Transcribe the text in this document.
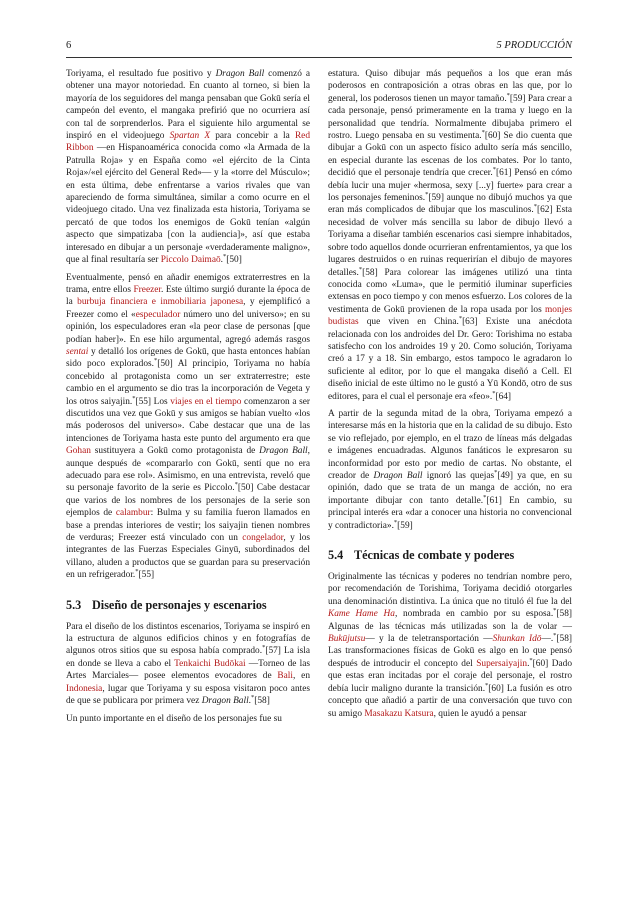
6	5 PRODUCCIÓN

Toriyama, el resultado fue positivo y Dragon Ball comenzó a obtener una mayor notoriedad. En cuanto al torneo, si bien la mayoría de los seguidores del manga pensaban que Gokū sería el campeón del evento, el mangaka prefirió que no ocurriera así con tal de sorprenderlos. Para el siguiente hilo argumental se inspiró en el videojuego Spartan X para concebir a la Red Ribbon —en Hispanoamérica conocida como «la Armada de la Patrulla Roja» y en España como «el ejército de la Cinta Roja»/«el ejército del General Red»— y la «torre del Músculo»; en esta última, debe enfrentarse a varios rivales que van apareciendo de forma simultánea, similar a como ocurre en el videojuego citado. Una vez finalizada esta historia, Toriyama se percató de que todos los enemigos de Gokū tenían «algún aspecto que simpatizaba [con la audiencia]», así que estaba interesado en dibujar a un personaje «verdaderamente maligno», que al final resultaría ser Piccolo Daimaō.*[50]

Eventualmente, pensó en añadir enemigos extraterrestres en la trama, entre ellos Freezer. Este último surgió durante la época de la burbuja financiera e inmobiliaria japonesa, y ejemplificó a Freezer como el «especulador número uno del universo»; en su opinión, los especuladores eran «la peor clase de personas [que podían haber]». En ese hilo argumental, agregó además rasgos sentai y detalló los orígenes de Gokū, que hasta entonces habían sido poco explorados.*[50] Al principio, Toriyama no había concebido al protagonista como un ser extraterrestre; este cambio en el argumento se dio tras la incorporación de Vegeta y los otros saiyajin.*[55] Los viajes en el tiempo comenzaron a ser discutidos una vez que Gokū y sus amigos se habían vuelto «los más poderosos del universo». Cabe destacar que una de las intenciones de Toriyama hasta este punto del argumento era que Gohan sustituyera a Gokū como protagonista de Dragon Ball, aunque después de «compararlo con Gokū, sentí que no era adecuado para ese rol». Asimismo, en una entrevista, reveló que su personaje favorito de la serie es Piccolo.*[50] Cabe destacar que varios de los nombres de los personajes de la serie son ejemplos de calambur: Bulma y su familia fueron llamados en base a prendas interiores de vestir; los saiyajin tienen nombres de verduras; Freezer está vinculado con un congelador, y los integrantes de las Fuerzas Especiales Ginyū, subordinados del villano, aluden a productos que se guardan para su preservación en un refrigerador.*[55]

5.3 Diseño de personajes y escenarios

Para el diseño de los distintos escenarios, Toriyama se inspiró en la estructura de algunos edificios chinos y en fotografías de algunos otros sitios que su esposa había comprado.*[57] La isla en donde se lleva a cabo el Tenkaichi Budōkai —Torneo de las Artes Marciales— posee elementos evocadores de Bali, en Indonesia, lugar que Toriyama y su esposa visitaron poco antes de que se publicara por primera vez Dragon Ball.*[58]

Un punto importante en el diseño de los personajes fue su

estatura. Quiso dibujar más pequeños a los que eran más poderosos en contraposición a otras obras en las que, por lo general, los poderosos tienen un mayor tamaño.*[59] Para crear a cada personaje, pensó primeramente en la trama y luego en la personalidad que tendría. Normalmente dibujaba primero el rostro. Luego pensaba en su vestimenta.*[60] Se dio cuenta que dibujar a Gokū con un aspecto físico adulto sería más sencillo, en especial durante las escenas de los combates. Por lo tanto, decidió que el personaje tendría que crecer.*[61] Pensó en cómo debía lucir una mujer «hermosa, sexy [...y] fuerte» para crear a los personajes femeninos.*[59] aunque no dibujó muchos ya que eran más complicados de dibujar que los masculinos.*[62] Esta necesidad de volver más sencilla su labor de dibujo llevó a Toriyama a diseñar también escenarios casi siempre inhabitados, sobre todo aquellos donde ocurrieran enfrentamientos, ya que los lugares destruidos o en ruinas requerirían el dibujo de mayores detalles.*[58] Para colorear las imágenes utilizó una tinta conocida como «Luma», que le permitió iluminar superficies extensas en poco tiempo y con menos esfuerzo. Los colores de la vestimenta de Gokū provienen de la ropa usada por los monjes budistas que viven en China.*[63] Existe una anécdota relacionada con los androides del Dr. Gero: Torishima no estaba satisfecho con los androides 19 y 20. Como solución, Toriyama creó a 17 y a 18. Sin embargo, estos tampoco le agradaron lo suficiente al editor, por lo que el mangaka diseñó a Cell. El diseño inicial de este último no le gustó a Yū Kondō, otro de sus editores, para el cual el personaje era «feo».*[64]

A partir de la segunda mitad de la obra, Toriyama empezó a interesarse más en la historia que en la calidad de su dibujo. Esto se vio reflejado, por ejemplo, en el trazo de líneas más delgadas e imágenes encuadradas. Algunos fanáticos le expresaron su inconformidad por esto por medio de cartas. No obstante, el creador de Dragon Ball ignoró las quejas*[49] ya que, en su opinión, dado que se trata de un manga de acción, no era importante dibujar con tanto detalle.*[61] En cambio, su principal interés era «dar a conocer una historia no convencional y contradictoria».*[59]

5.4 Técnicas de combate y poderes

Originalmente las técnicas y poderes no tendrían nombre pero, por recomendación de Torishima, Toriyama decidió otorgarles una denominación distintiva. La única que no tituló él fue la del Kame Hame Ha, nombrada en cambio por su esposa.*[58] Algunas de las técnicas más utilizadas son la de volar —Bukūjutsu— y la de teletransportación —Shunkan Idō—.*[58] Las transformaciones físicas de Gokū es algo en lo que pensó después de introducir el concepto del Supersaiyajin.*[60] Dado que estas eran incitadas por el coraje del personaje, el rostro debía lucir maligno durante la transición.*[60] La fusión es otro concepto que añadió a partir de una conversación que tuvo con su amigo Masakazu Katsura, quien le ayudó a pensar
